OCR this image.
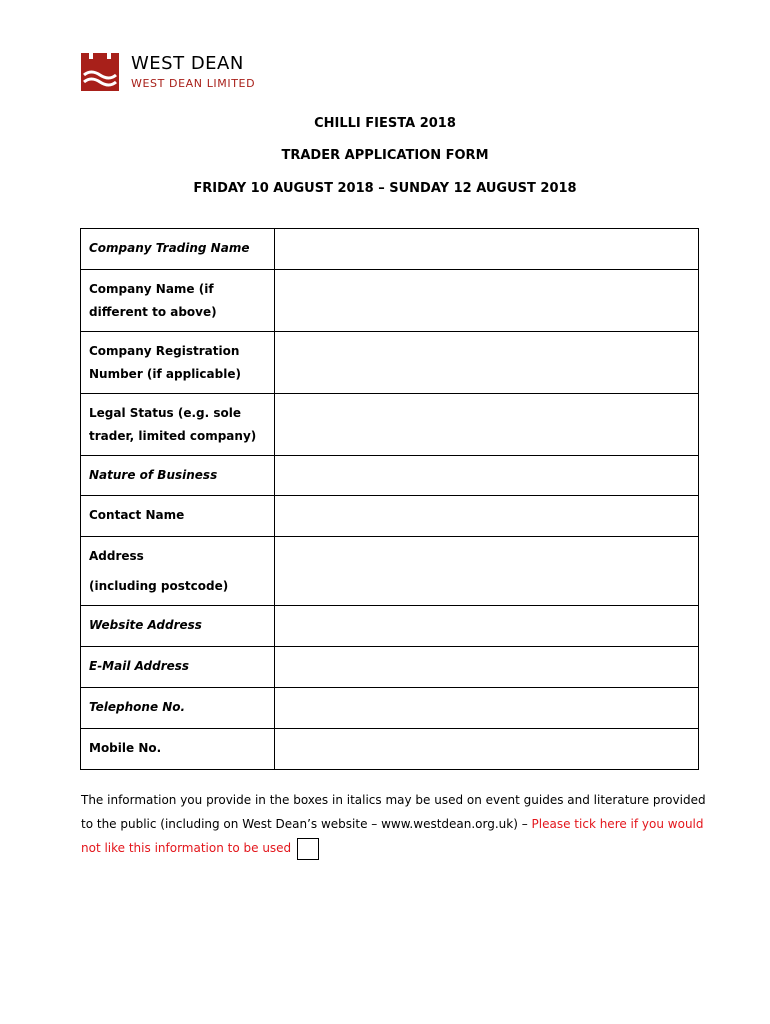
WEST DEAN
WEST DEAN LIMITED
CHILLI FIESTA 2018
TRADER APPLICATION FORM
FRIDAY 10 AUGUST 2018 – SUNDAY 12 AUGUST 2018
Company Trading Name	

Company Name (if
different to above)	

Company Registration
Number (if applicable)	

Legal Status (e.g. sole
trader, limited company)	

Nature of Business	

Contact Name	

Address
(including postcode)	

Website Address	

E-Mail Address	

Telephone No.	

Mobile No.	

The information you provide in the boxes in italics may be used on event guides and literature provided to the public (including on West Dean’s website – www.westdean.org.uk) – Please tick here if you would not like this information to be used
